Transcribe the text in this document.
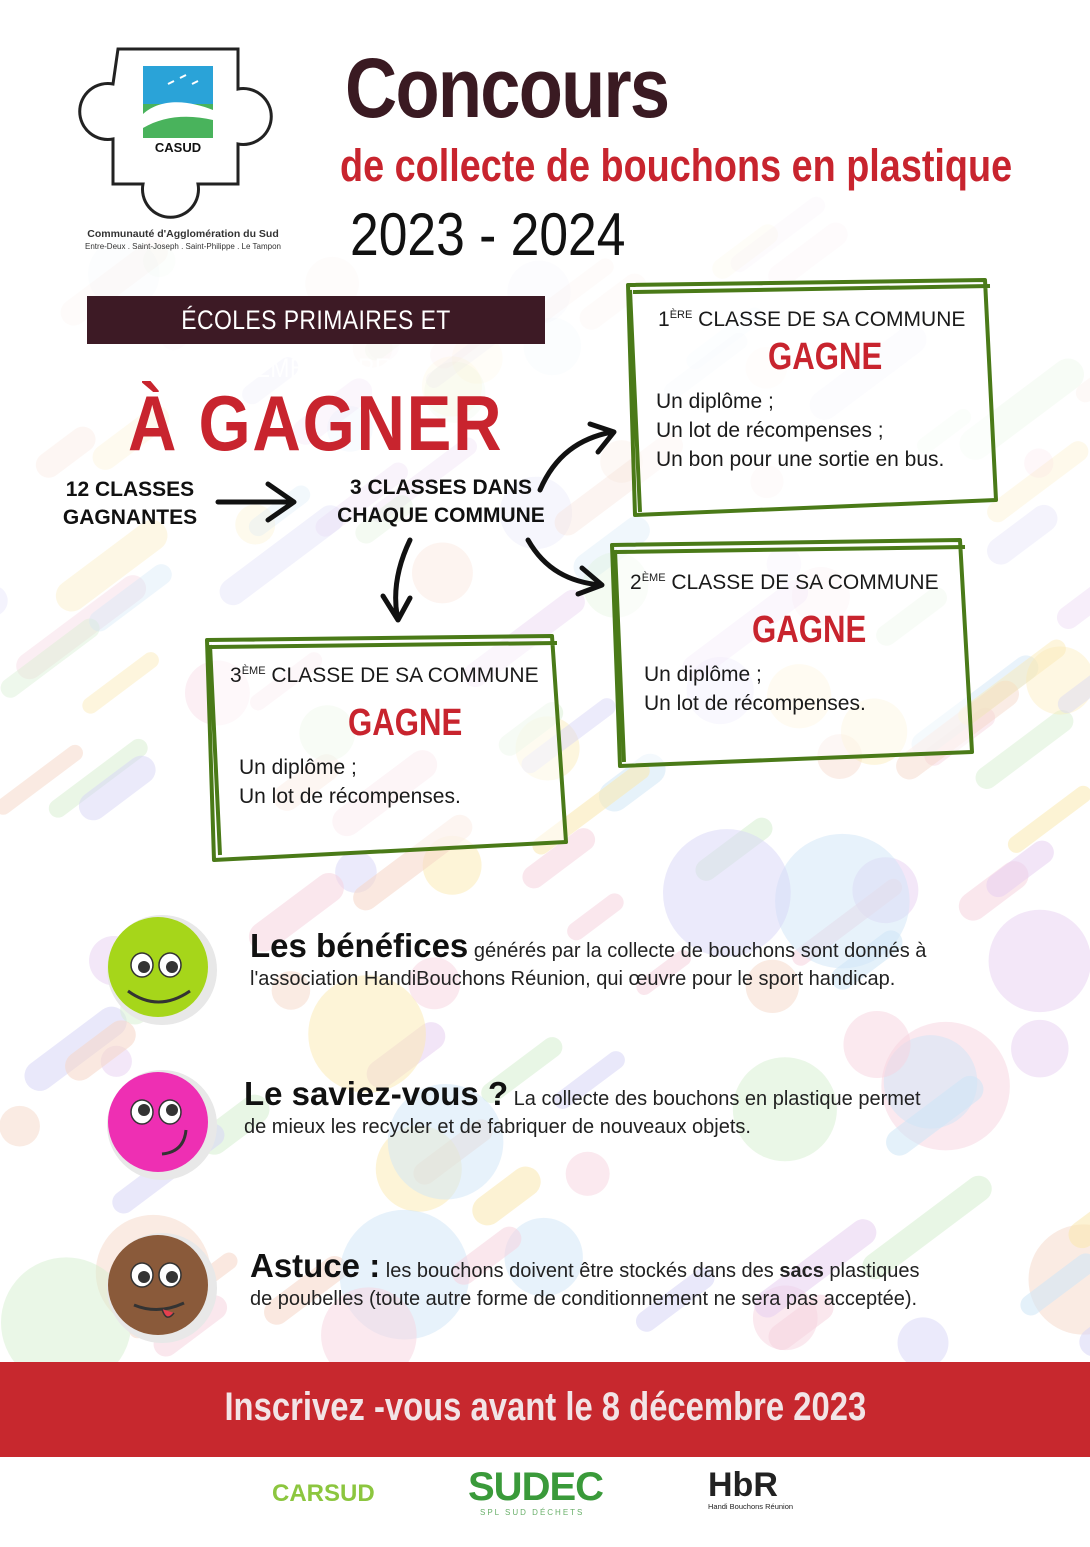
CASUD
Communauté d'Agglomération du Sud
Entre-Deux . Saint-Joseph . Saint-Philippe . Le Tampon
Concours
de collecte de bouchons en plastique
2023 - 2024
ÉCOLES PRIMAIRES ET ÉLÉMENTAIRES
À GAGNER
12 CLASSES
GAGNANTES
3 CLASSES DANS
CHAQUE COMMUNE
1ÈRE CLASSE DE SA COMMUNE
GAGNE
Un diplôme ;
Un lot de récompenses ;
Un bon pour une sortie en bus.
2ÈME CLASSE DE SA COMMUNE
GAGNE
Un diplôme ;
Un lot de récompenses.
3ÈME CLASSE DE SA COMMUNE
GAGNE
Un diplôme ;
Un lot de récompenses.
Les bénéfices générés par la collecte de bouchons sont donnés à
l'association HandiBouchons Réunion, qui œuvre pour le sport handicap.
Le saviez-vous ? La collecte des bouchons en plastique permet
de mieux les recycler et de fabriquer de nouveaux objets.
Astuce : les bouchons doivent être stockés dans des sacs plastiques
de poubelles (toute autre forme de conditionnement ne sera pas acceptée).
Inscrivez -vous avant le 8 décembre 2023
CARSUD SUDEC
SPL SUD DÉCHETS
HbR
Handi Bouchons Réunion
